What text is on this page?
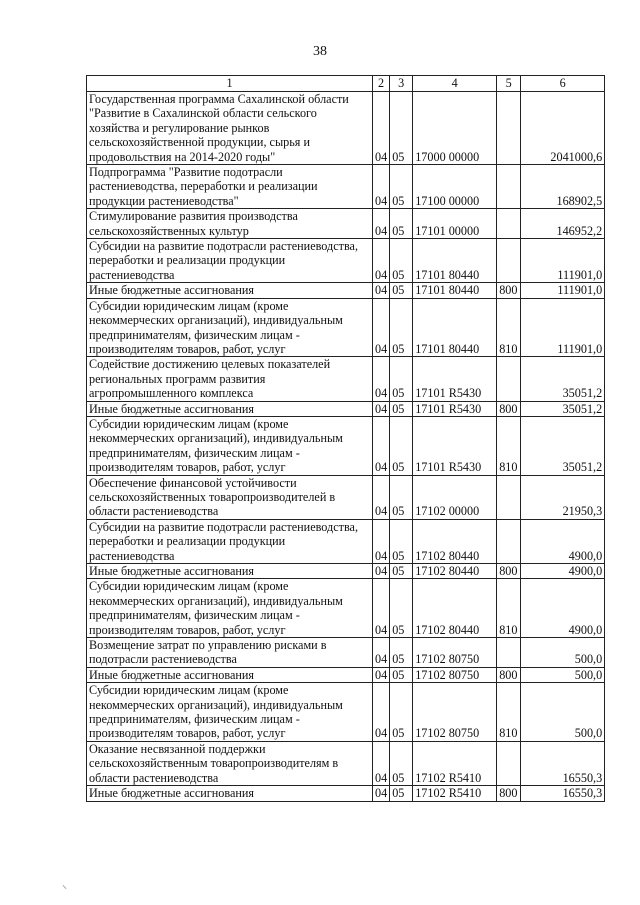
38
1	2	3	4	5	6
Государственная программа Сахалинской области "Развитие в Сахалинской области сельского хозяйства и регулирование рынков сельскохозяйственной продукции, сырья и продовольствия на 2014-2020 годы"	04	05	17000 00000		2041000,6
Подпрограмма "Развитие подотрасли растениеводства, переработки и реализации продукции растениеводства"	04	05	17100 00000		168902,5
Стимулирование развития производства сельскохозяйственных культур	04	05	17101 00000		146952,2
Субсидии на развитие подотрасли растениеводства, переработки и реализации продукции растениеводства	04	05	17101 80440		111901,0
Иные бюджетные ассигнования	04	05	17101 80440	800	111901,0
Субсидии юридическим лицам (кроме некоммерческих организаций), индивидуальным предпринимателям, физическим лицам - производителям товаров, работ, услуг	04	05	17101 80440	810	111901,0
Содействие достижению целевых показателей региональных программ развития агропромышленного комплекса	04	05	17101 R5430		35051,2
Иные бюджетные ассигнования	04	05	17101 R5430	800	35051,2
Субсидии юридическим лицам (кроме некоммерческих организаций), индивидуальным предпринимателям, физическим лицам - производителям товаров, работ, услуг	04	05	17101 R5430	810	35051,2
Обеспечение финансовой устойчивости сельскохозяйственных товаропроизводителей в области растениеводства	04	05	17102 00000		21950,3
Субсидии на развитие подотрасли растениеводства, переработки и реализации продукции растениеводства	04	05	17102 80440		4900,0
Иные бюджетные ассигнования	04	05	17102 80440	800	4900,0
Субсидии юридическим лицам (кроме некоммерческих организаций), индивидуальным предпринимателям, физическим лицам - производителям товаров, работ, услуг	04	05	17102 80440	810	4900,0
Возмещение затрат по управлению рисками в подотрасли растениеводства	04	05	17102 80750		500,0
Иные бюджетные ассигнования	04	05	17102 80750	800	500,0
Субсидии юридическим лицам (кроме некоммерческих организаций), индивидуальным предпринимателям, физическим лицам - производителям товаров, работ, услуг	04	05	17102 80750	810	500,0
Оказание несвязанной поддержки сельскохозяйственным товаропроизводителям в области растениеводства	04	05	17102 R5410		16550,3
Иные бюджетные ассигнования	04	05	17102 R5410	800	16550,3
⸜
